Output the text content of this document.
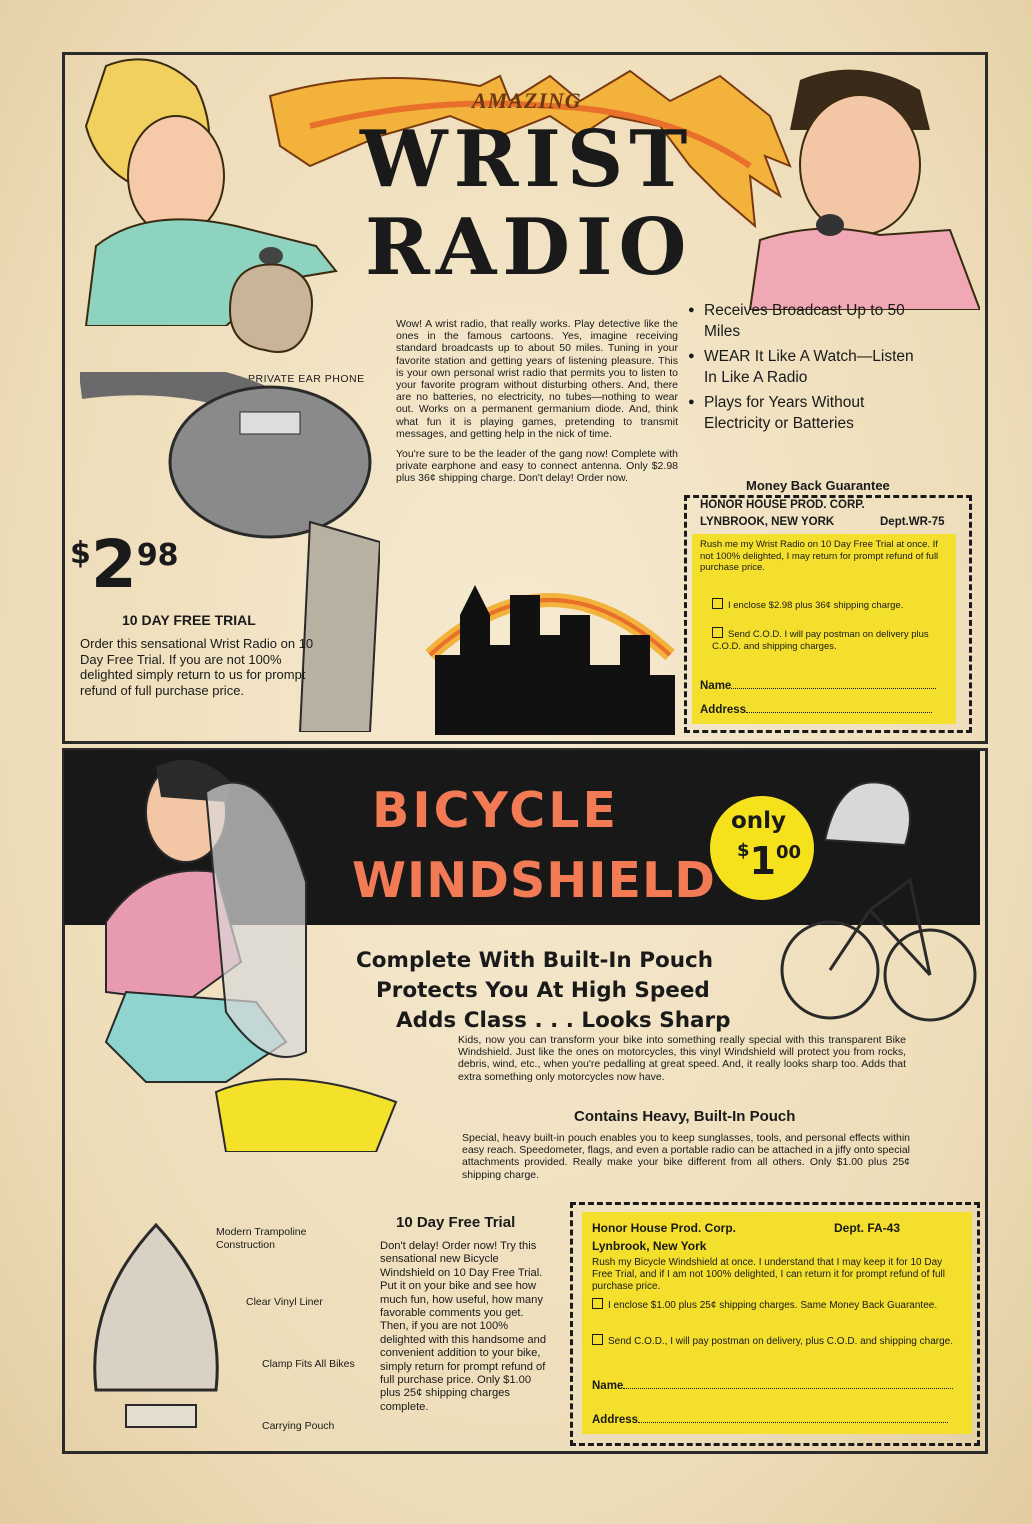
AMAZING
WRIST
RADIO
PRIVATE EAR PHONE

Wow! A wrist radio, that really works. Play detective like the ones in the famous cartoons. Yes, imagine receiving standard broadcasts up to about 50 miles. Tuning in your favorite station and getting years of listening pleasure. This is your own personal wrist radio that permits you to listen to your favorite program without disturbing others. And, there are no batteries, no electricity, no tubes—nothing to wear out. Works on a permanent germanium diode. And, think what fun it is playing games, pretending to transmit messages, and getting help in the nick of time.

You're sure to be the leader of the gang now! Complete with private earphone and easy to connect antenna. Only $2.98 plus 36¢ shipping charge. Don't delay! Order now.

● Receives Broadcast Up to 50 Miles
● WEAR It Like A Watch—Listen In Like A Radio
● Plays for Years Without Electricity or Batteries
$298
10 DAY FREE TRIAL
Order this sensational Wrist Radio on 10 Day Free Trial. If you are not 100% delighted simply return to us for prompt refund of full purchase price.
Money Back Guarantee
HONOR HOUSE PROD. CORP.
LYNBROOK, NEW YORK	Dept.WR-75
Rush me my Wrist Radio on 10 Day Free Trial at once. If not 100% delighted, I may return for prompt refund of full purchase price.
I enclose $2.98 plus 36¢ shipping charge.
Send C.O.D. I will pay postman on delivery plus C.O.D. and shipping charges.
Name
Address
BICYCLE
WINDSHIELD
only
$100
Complete With Built-In Pouch
Protects You At High Speed
Adds Class . . . Looks Sharp
Kids, now you can transform your bike into something really special with this transparent Bike Windshield. Just like the ones on motorcycles, this vinyl Windshield will protect you from rocks, debris, wind, etc., when you're pedalling at great speed. And, it really looks sharp too. Adds that extra something only motorcycles now have.
Contains Heavy, Built-In Pouch
Special, heavy built-in pouch enables you to keep sunglasses, tools, and personal effects within easy reach. Speedometer, flags, and even a portable radio can be attached in a jiffy onto special attachments provided. Really make your bike different from all others. Only $1.00 plus 25¢ shipping charge.
Modern Trampoline Construction
Clear Vinyl Liner
Clamp Fits All Bikes
Carrying Pouch
10 Day Free Trial
Don't delay! Order now! Try this sensational new Bicycle Windshield on 10 Day Free Trial. Put it on your bike and see how much fun, how useful, how many favorable comments you get. Then, if you are not 100% delighted with this handsome and convenient addition to your bike, simply return for prompt refund of full purchase price. Only $1.00 plus 25¢ shipping charges complete.
Honor House Prod. Corp.	Dept. FA-43
Lynbrook, New York
Rush my Bicycle Windshield at once. I understand that I may keep it for 10 Day Free Trial, and if I am not 100% delighted, I can return it for prompt refund of full purchase price.
I enclose $1.00 plus 25¢ shipping charges. Same Money Back Guarantee.
Send C.O.D., I will pay postman on delivery, plus C.O.D. and shipping charge.
Name
Address
